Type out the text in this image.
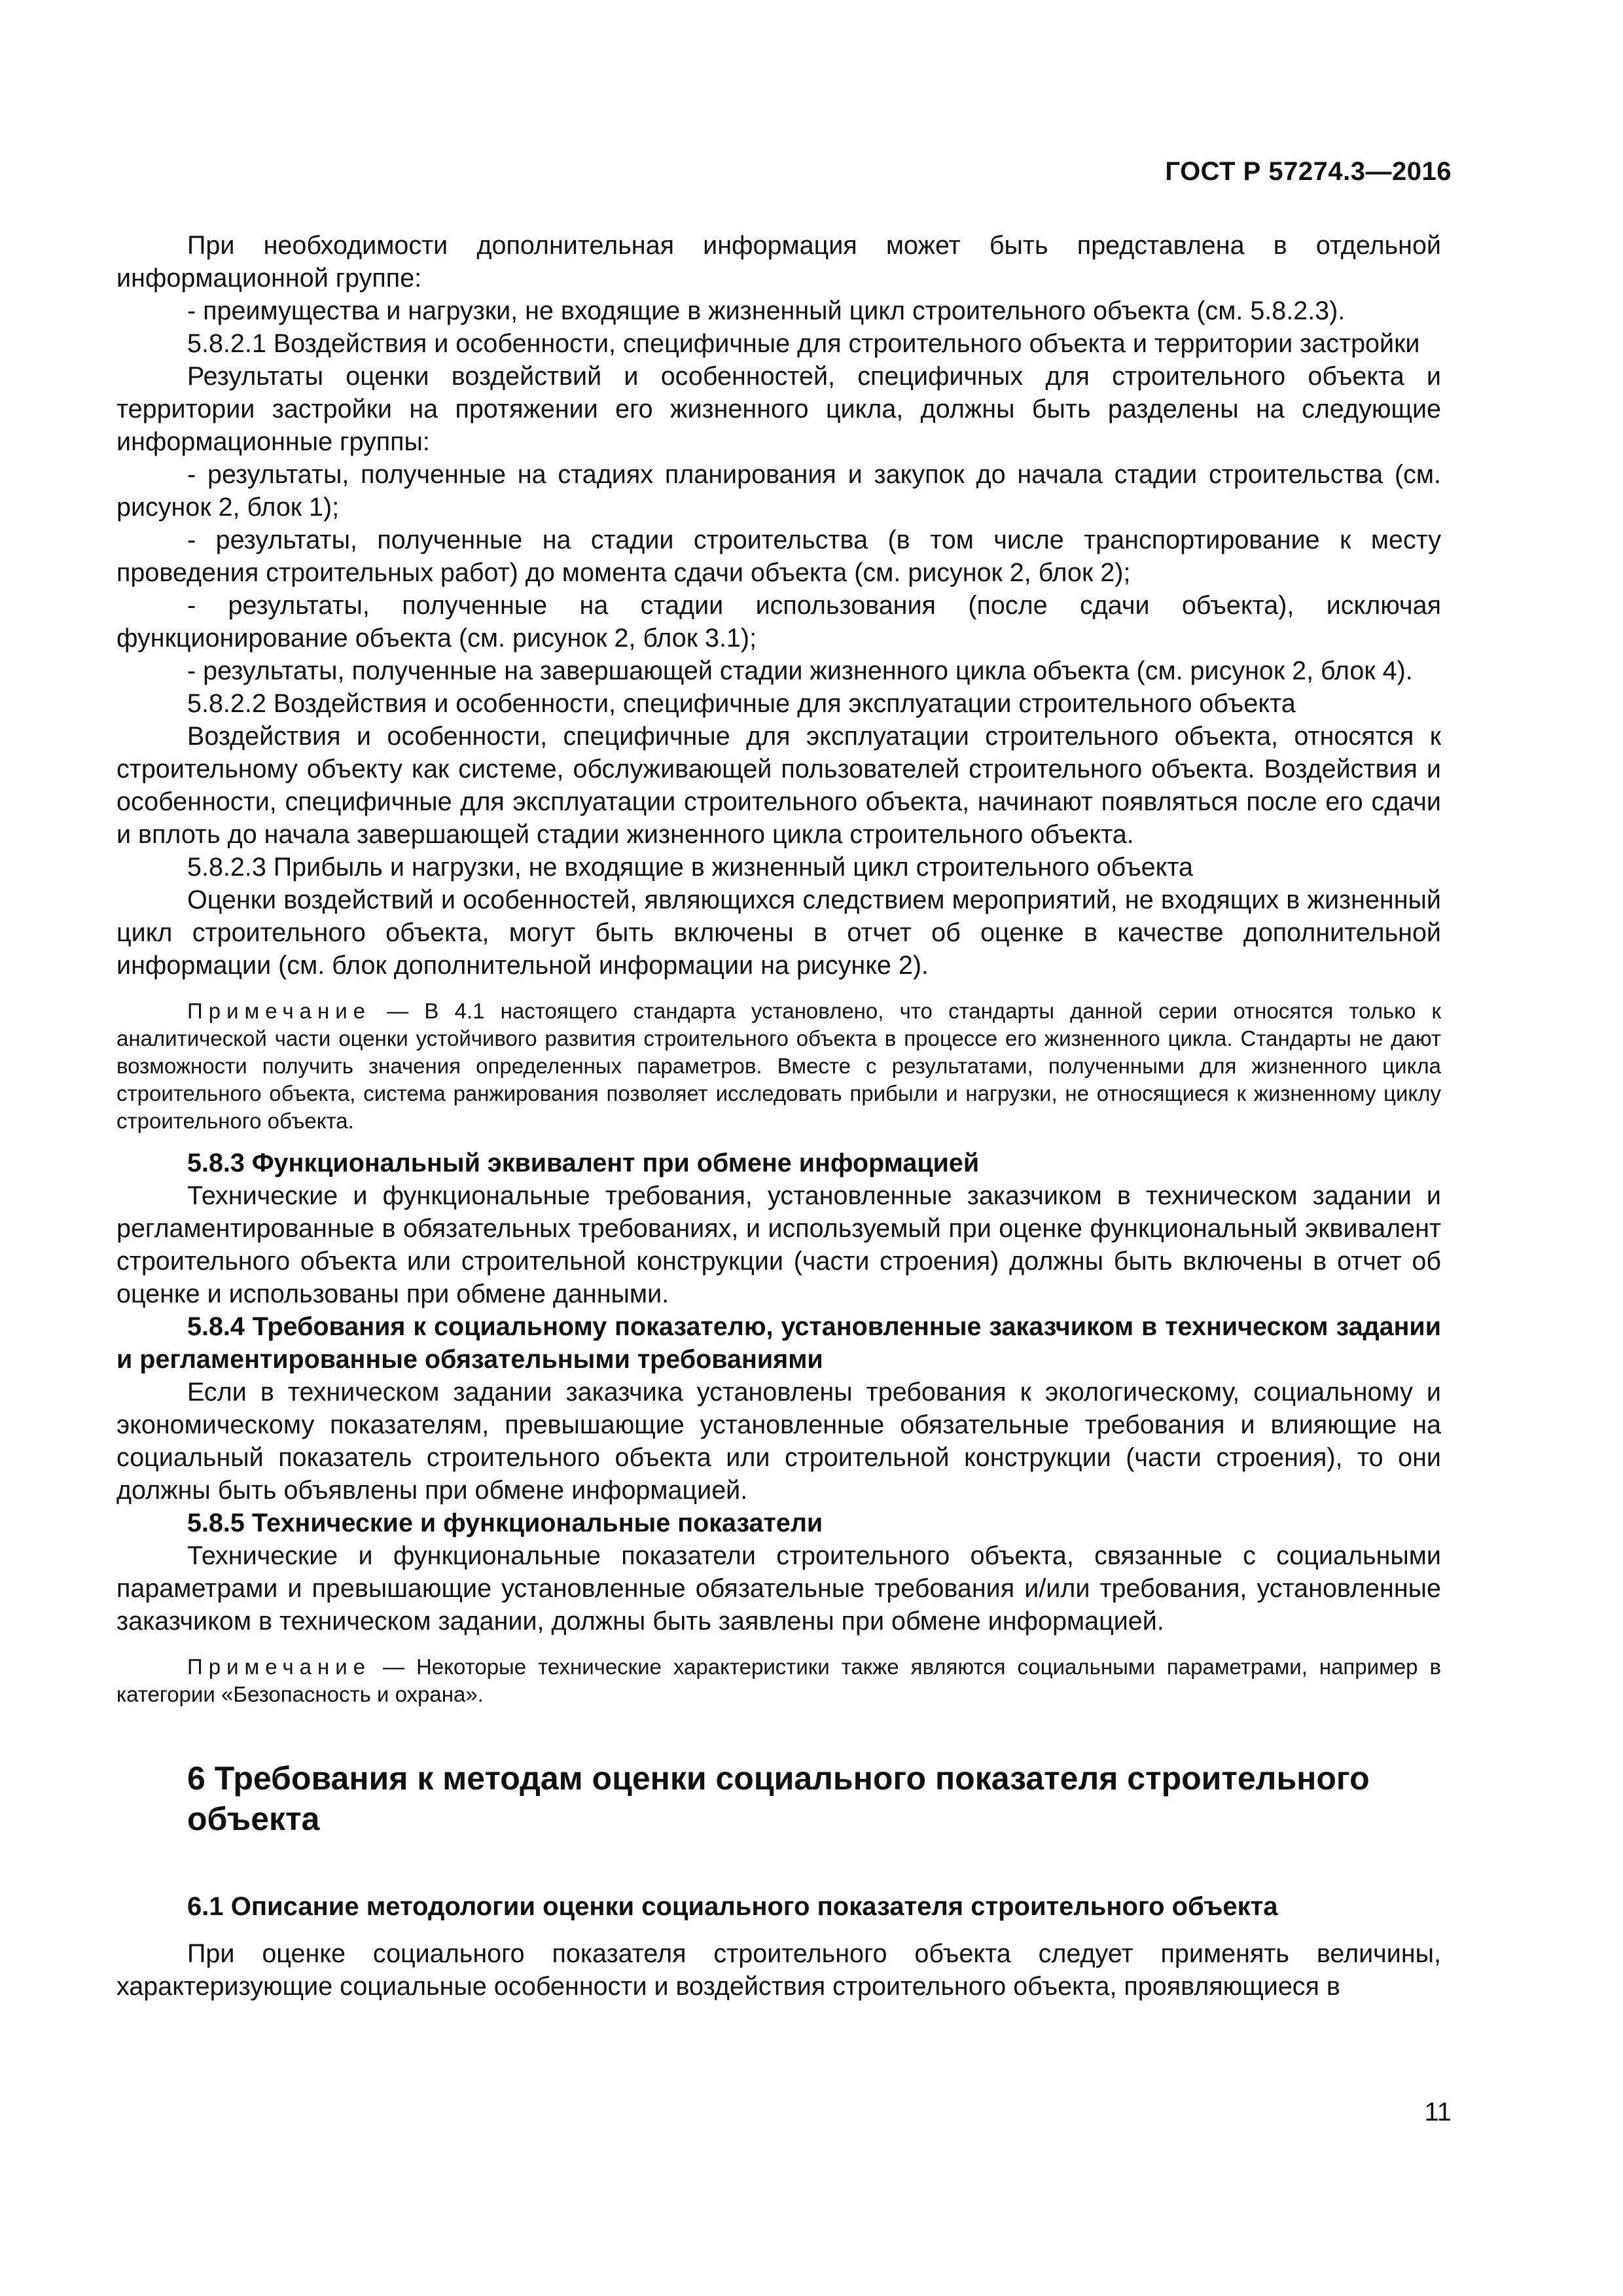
ГОСТ Р 57274.3—2016

При необходимости дополнительная информация может быть представлена в отдельной информационной группе:

- преимущества и нагрузки, не входящие в жизненный цикл строительного объекта (см. 5.8.2.3).

5.8.2.1 Воздействия и особенности, специфичные для строительного объекта и территории застройки

Результаты оценки воздействий и особенностей, специфичных для строительного объекта и территории застройки на протяжении его жизненного цикла, должны быть разделены на следующие информационные группы:

- результаты, полученные на стадиях планирования и закупок до начала стадии строительства (см. рисунок 2, блок 1);

- результаты, полученные на стадии строительства (в том числе транспортирование к месту проведения строительных работ) до момента сдачи объекта (см. рисунок 2, блок 2);

- результаты, полученные на стадии использования (после сдачи объекта), исключая функционирование объекта (см. рисунок 2, блок 3.1);

- результаты, полученные на завершающей стадии жизненного цикла объекта (см. рисунок 2, блок 4).

5.8.2.2 Воздействия и особенности, специфичные для эксплуатации строительного объекта

Воздействия и особенности, специфичные для эксплуатации строительного объекта, относятся к строительному объекту как системе, обслуживающей пользователей строительного объекта. Воздействия и особенности, специфичные для эксплуатации строительного объекта, начинают появляться после его сдачи и вплоть до начала завершающей стадии жизненного цикла строительного объекта.

5.8.2.3 Прибыль и нагрузки, не входящие в жизненный цикл строительного объекта

Оценки воздействий и особенностей, являющихся следствием мероприятий, не входящих в жизненный цикл строительного объекта, могут быть включены в отчет об оценке в качестве дополнительной информации (см. блок дополнительной информации на рисунке 2).

Примечание — В 4.1 настоящего стандарта установлено, что стандарты данной серии относятся только к аналитической части оценки устойчивого развития строительного объекта в процессе его жизненного цикла. Стандарты не дают возможности получить значения определенных параметров. Вместе с результатами, полученными для жизненного цикла строительного объекта, система ранжирования позволяет исследовать прибыли и нагрузки, не относящиеся к жизненному циклу строительного объекта.

5.8.3 Функциональный эквивалент при обмене информацией

Технические и функциональные требования, установленные заказчиком в техническом задании и регламентированные в обязательных требованиях, и используемый при оценке функциональный эквивалент строительного объекта или строительной конструкции (части строения) должны быть включены в отчет об оценке и использованы при обмене данными.

5.8.4 Требования к социальному показателю, установленные заказчиком в техническом задании и регламентированные обязательными требованиями

Если в техническом задании заказчика установлены требования к экологическому, социальному и экономическому показателям, превышающие установленные обязательные требования и влияющие на социальный показатель строительного объекта или строительной конструкции (части строения), то они должны быть объявлены при обмене информацией.

5.8.5 Технические и функциональные показатели

Технические и функциональные показатели строительного объекта, связанные с социальными параметрами и превышающие установленные обязательные требования и/или требования, установленные заказчиком в техническом задании, должны быть заявлены при обмене информацией.

Примечание — Некоторые технические характеристики также являются социальными параметрами, например в категории «Безопасность и охрана».

6 Требования к методам оценки социального показателя строительного объекта

6.1 Описание методологии оценки социального показателя строительного объекта

При оценке социального показателя строительного объекта следует применять величины, характеризующие социальные особенности и воздействия строительного объекта, проявляющиеся в

11
